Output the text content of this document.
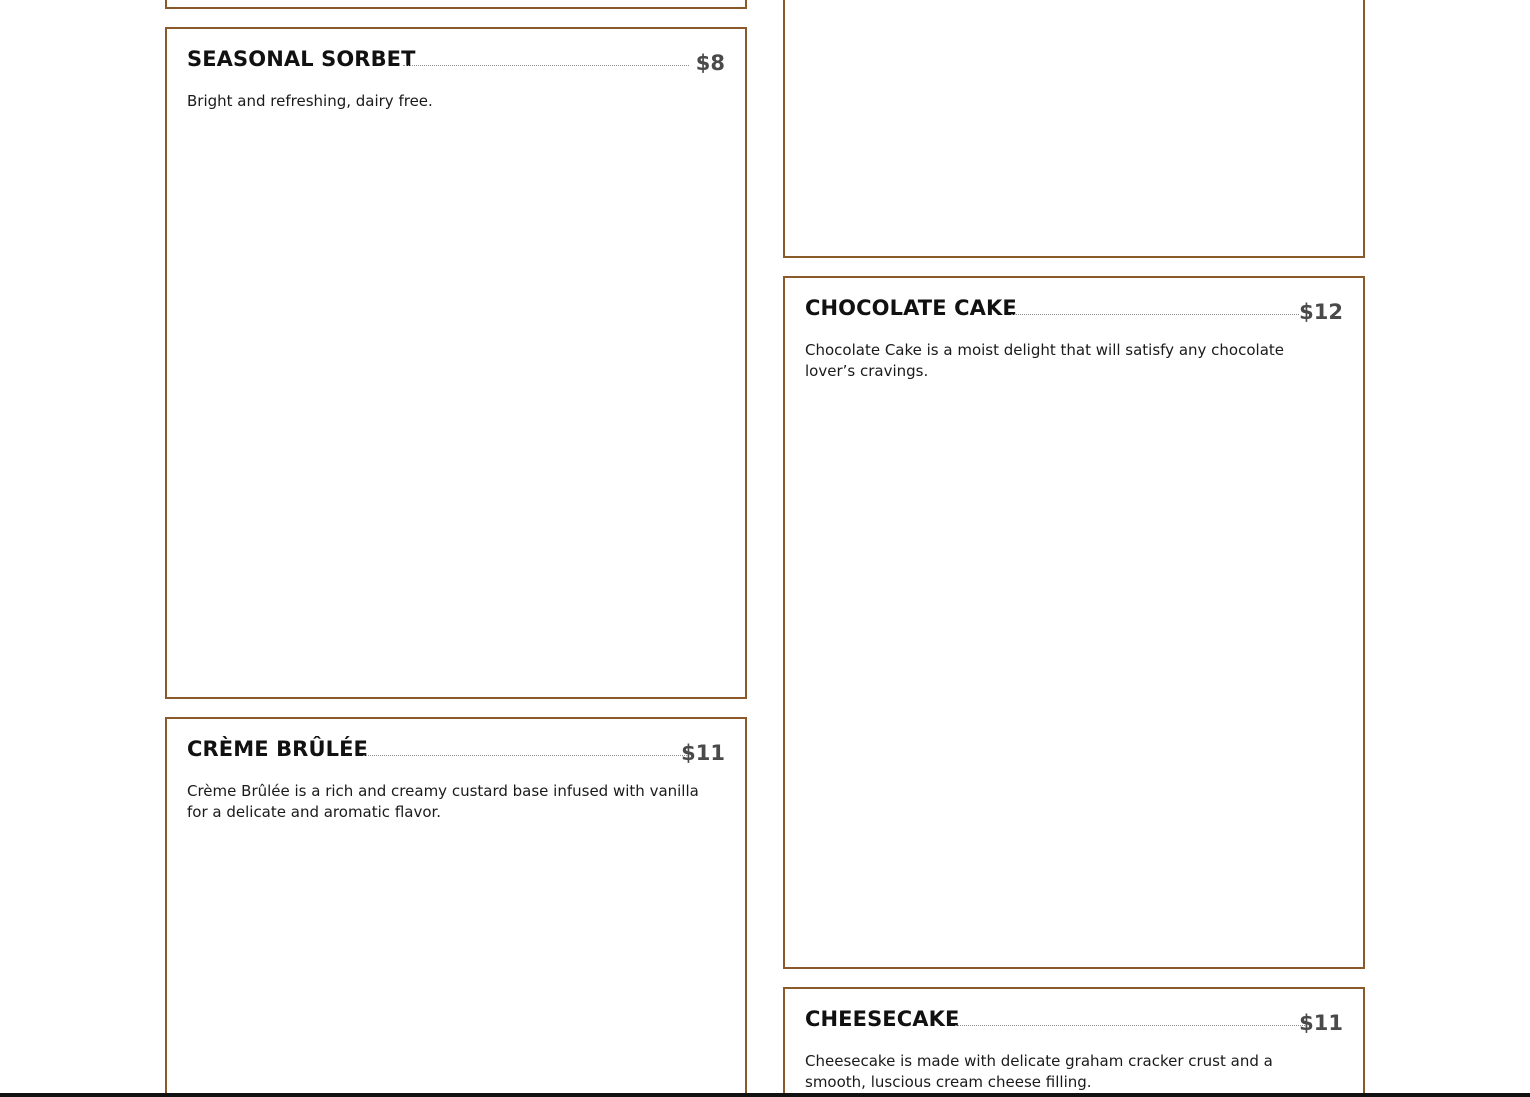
SEASONAL SORBET	$8
Bright and refreshing, dairy free.
CRÈME BRÛLÉE	$11
Crème Brûlée is a rich and creamy custard base infused with vanilla for a delicate and aromatic flavor.
CHOCOLATE CAKE	$12
Chocolate Cake is a moist delight that will satisfy any chocolate lover’s cravings.
CHEESECAKE	$11
Cheesecake is made with delicate graham cracker crust and a smooth, luscious cream cheese filling.
